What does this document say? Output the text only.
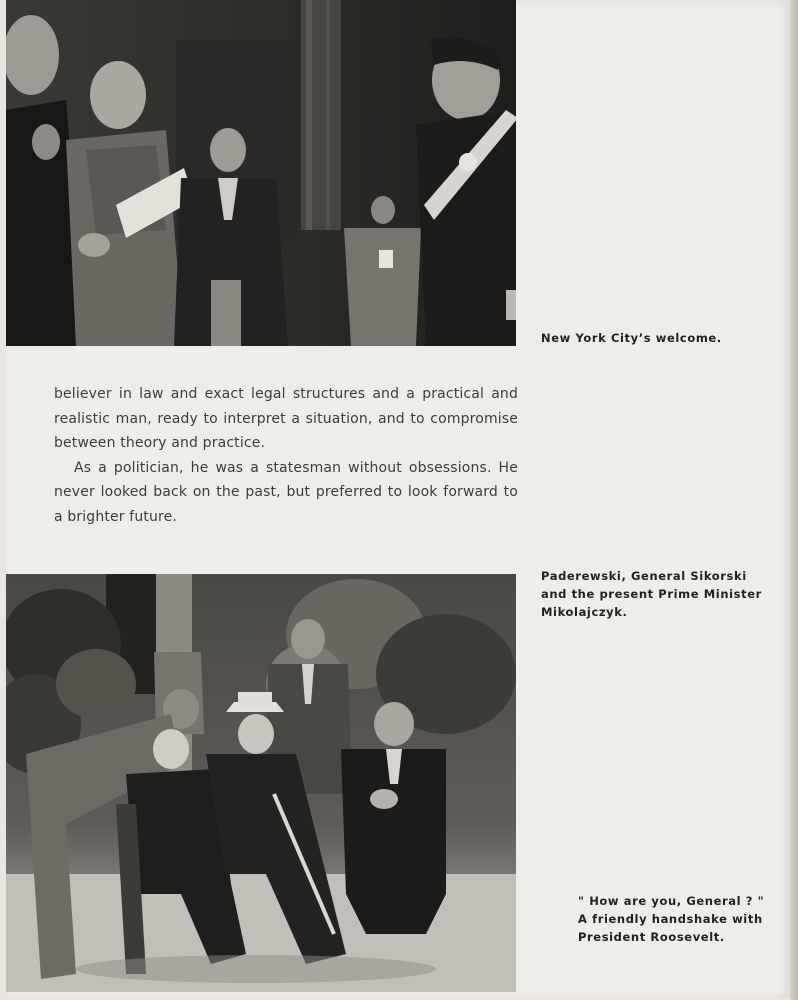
New York City’s welcome.

believer in law and exact legal structures and a practical and realistic man, ready to interpret a situation, and to compromise between theory and practice.

As a politician, he was a statesman without obsessions. He never looked back on the past, but preferred to look forward to a brighter future.

Paderewski, General Sikorski
and the present Prime Minister
Mikolajczyk.
" How are you, General ? "
A friendly handshake with
President Roosevelt.
